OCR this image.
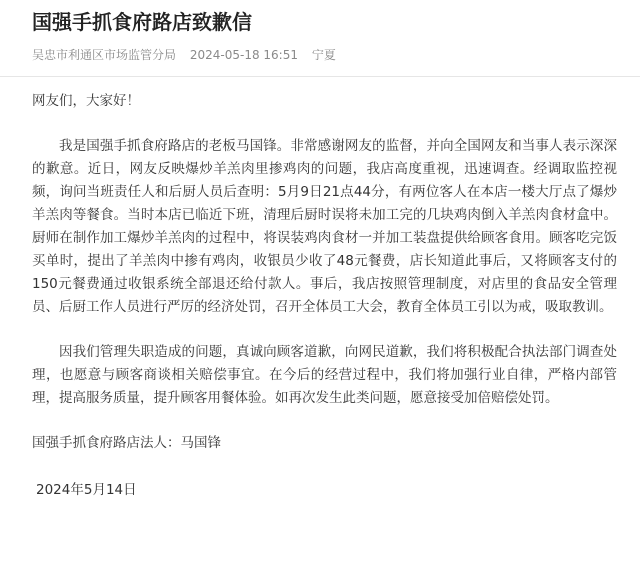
国强手抓食府路店致歉信
吴忠市利通区市场监管分局 2024-05-18 16:51 宁夏

网友们，大家好！

我是国强手抓食府路店的老板马国锋。非常感谢网友的监督，并向全国网友和当事人表示深深的歉意。近日，网友反映爆炒羊羔肉里掺鸡肉的问题，我店高度重视，迅速调查。经调取监控视频，询问当班责任人和后厨人员后查明：5月9日21点44分，有两位客人在本店一楼大厅点了爆炒羊羔肉等餐食。当时本店已临近下班，清理后厨时误将未加工完的几块鸡肉倒入羊羔肉食材盒中。厨师在制作加工爆炒羊羔肉的过程中，将误装鸡肉食材一并加工装盘提供给顾客食用。顾客吃完饭买单时，提出了羊羔肉中掺有鸡肉，收银员少收了48元餐费，店长知道此事后，又将顾客支付的150元餐费通过收银系统全部退还给付款人。事后，我店按照管理制度，对店里的食品安全管理员、后厨工作人员进行严厉的经济处罚，召开全体员工大会，教育全体员工引以为戒，吸取教训。

因我们管理失职造成的问题，真诚向顾客道歉，向网民道歉，我们将积极配合执法部门调查处理，也愿意与顾客商谈相关赔偿事宜。在今后的经营过程中，我们将加强行业自律，严格内部管理，提高服务质量，提升顾客用餐体验。如再次发生此类问题，愿意接受加倍赔偿处罚。

国强手抓食府路店法人：马国锋

2024年5月14日
